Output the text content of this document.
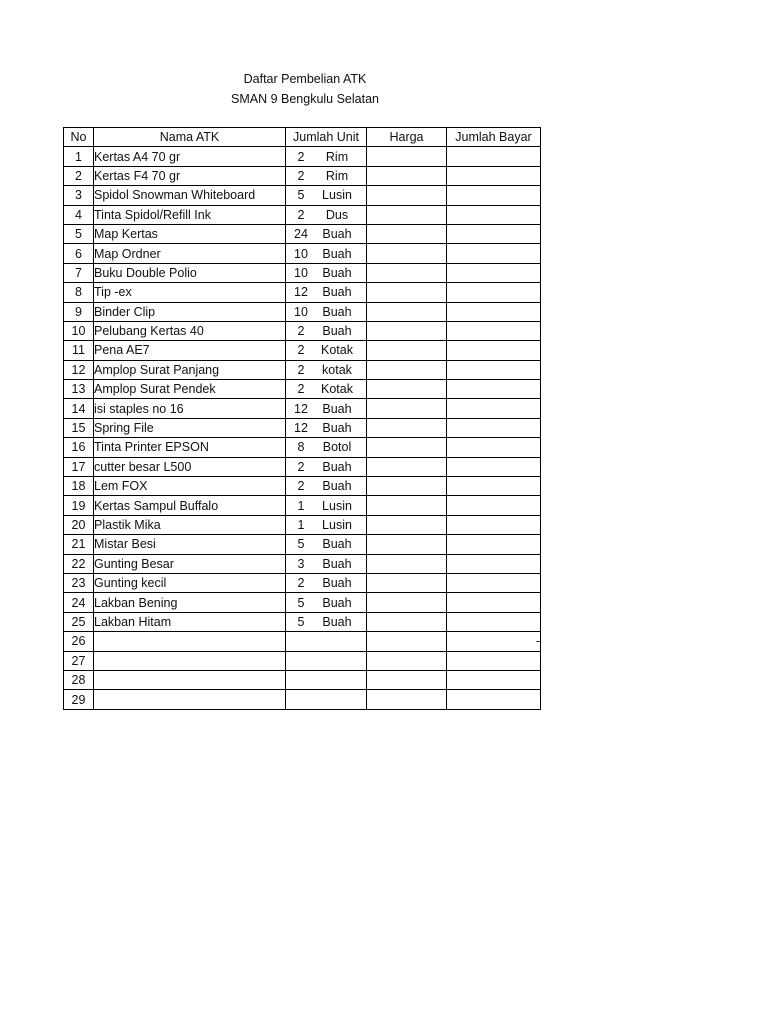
Daftar Pembelian ATK
SMAN 9 Bengkulu Selatan
No	Nama ATK	Jumlah Unit	Harga	Jumlah Bayar
1	Kertas A4 70 gr	2 Rim		

2	Kertas F4 70 gr	2 Rim		

3	Spidol Snowman Whiteboard	5 Lusin		

4	Tinta Spidol/Refill Ink	2 Dus		

5	Map Kertas	24 Buah		

6	Map Ordner	10 Buah		

7	Buku Double Polio	10 Buah		

8	Tip -ex	12 Buah		

9	Binder Clip	10 Buah		

10	Pelubang Kertas 40	2 Buah		

11	Pena AE7	2 Kotak		

12	Amplop Surat Panjang	2 kotak		

13	Amplop Surat Pendek	2 Kotak		

14	isi staples no 16	12 Buah		

15	Spring File	12 Buah		

16	Tinta Printer EPSON	8 Botol		

17	cutter besar L500	2 Buah		

18	Lem FOX	2 Buah		

19	Kertas Sampul Buffalo	1 Lusin		

20	Plastik Mika	1 Lusin		

21	Mistar Besi	5 Buah		

22	Gunting Besar	3 Buah		

23	Gunting kecil	2 Buah		

24	Lakban Bening	5 Buah		

25	Lakban Hitam	5 Buah		

26				-
27		

28		

29		
